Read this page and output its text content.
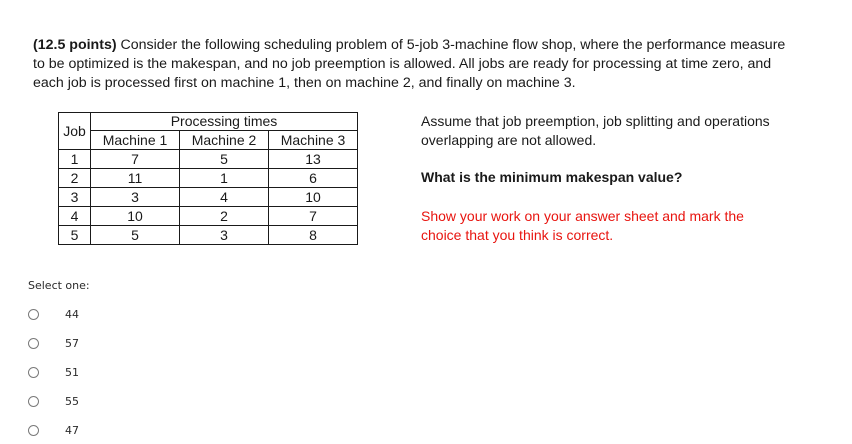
(12.5 points) Consider the following scheduling problem of 5-job 3-machine flow shop, where the performance measure to be optimized is the makespan, and no job preemption is allowed. All jobs are ready for processing at time zero, and each job is processed first on machine 1, then on machine 2, and finally on machine 3.

Job	Processing times		
	Machine 1	Machine 2	Machine 3
1	7	5	13
2	11	1	6
3	3	4	10
4	10	2	7
5	5	3	8

Assume that job preemption, job splitting and operations overlapping are not allowed.

What is the minimum makespan value?

Show your work on your answer sheet and mark the choice that you think is correct.

Select one:
44
57
51
55
47
